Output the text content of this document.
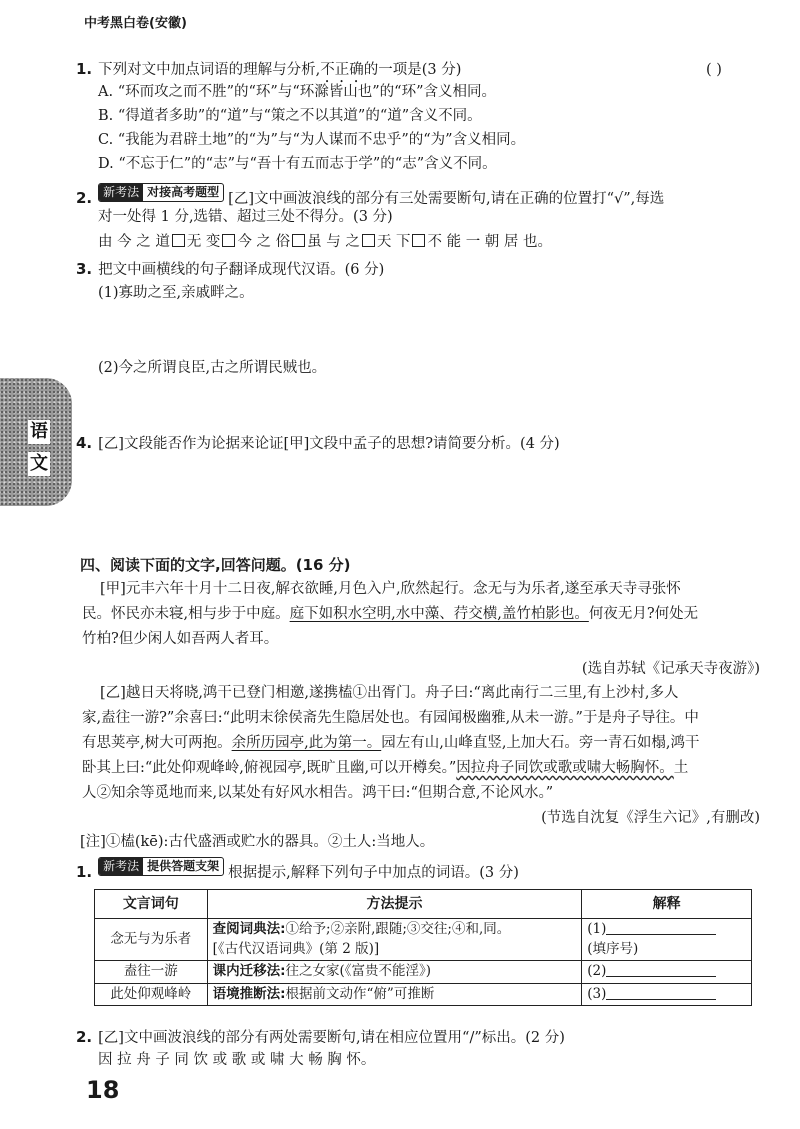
中考黑白卷(安徽)
语
文
1. 下列对文中加点词语的理解与分析,不正确的一项是(3 分)	( )
A. “环而攻之而不胜”的“环”与“环滁皆山也”的“环”含义相同。
B. “得道者多助”的“道”与“策之不以其道”的“道”含义不同。
C. “我能为君辟土地”的“为”与“为人谋而不忠乎”的“为”含义相同。
D. “不忘于仁”的“志”与“吾十有五而志于学”的“志”含义不同。
2. 新考法 对接高考题型 [乙]文中画波浪线的部分有三处需要断句,请在正确的位置打“√”,每选
对一处得 1 分,选错、超过三处不得分。(3 分)
由 今 之 道 无 变 今 之 俗 虽 与 之 天 下 不 能 一 朝 居 也。
3. 把文中画横线的句子翻译成现代汉语。(6 分)
(1)寡助之至,亲戚畔之。
(2)今之所谓良臣,古之所谓民贼也。
4. [乙]文段能否作为论据来论证[甲]文段中孟子的思想?请简要分析。(4 分)
四、阅读下面的文字,回答问题。(16 分)
[甲]元丰六年十月十二日夜,解衣欲睡,月色入户,欣然起行。念无与为乐者,遂至承天寺寻张怀
民。怀民亦未寝,相与步于中庭。庭下如积水空明,水中藻、荇交横,盖竹柏影也。何夜无月?何处无
竹柏?但少闲人如吾两人者耳。
(选自苏轼《记承天寺夜游》)
[乙]越日天将晓,鸿干已登门相邀,遂携榼①出胥门。舟子曰:“离此南行二三里,有上沙村,多人
家,盍往一游?”余喜曰:“此明末徐侯斋先生隐居处也。有园闻极幽雅,从未一游。”于是舟子导往。中
有思荚亭,树大可两抱。余所历园亭,此为第一。园左有山,山峰直竖,上加大石。旁一青石如榻,鸿干
卧其上曰:“此处仰观峰岭,俯视园亭,既旷且幽,可以开樽矣。”因拉舟子同饮或歌或啸大畅胸怀。土
人②知余等觅地而来,以某处有好风水相告。鸿干曰:“但期合意,不论风水。”
(节选自沈复《浮生六记》,有删改)
[注]①榼(kē):古代盛酒或贮水的器具。②土人:当地人。
1. 新考法 提供答题支架 根据提示,解释下列句子中加点的词语。(3 分)
文言词句	方法提示	解释
念无与为乐者	查阅词典法:①给予;②亲附,跟随;③交往;④和,同。
[《古代汉语词典》(第 2 版)]	(1)
(填序号)
盍往一游	课内迁移法:往之女家(《富贵不能淫》)	(2)
此处仰观峰岭	语境推断法:根据前文动作“俯”可推断	(3)
2. [乙]文中画波浪线的部分有两处需要断句,请在相应位置用“/”标出。(2 分)
因 拉 舟 子 同 饮 或 歌 或 啸 大 畅 胸 怀。
18
